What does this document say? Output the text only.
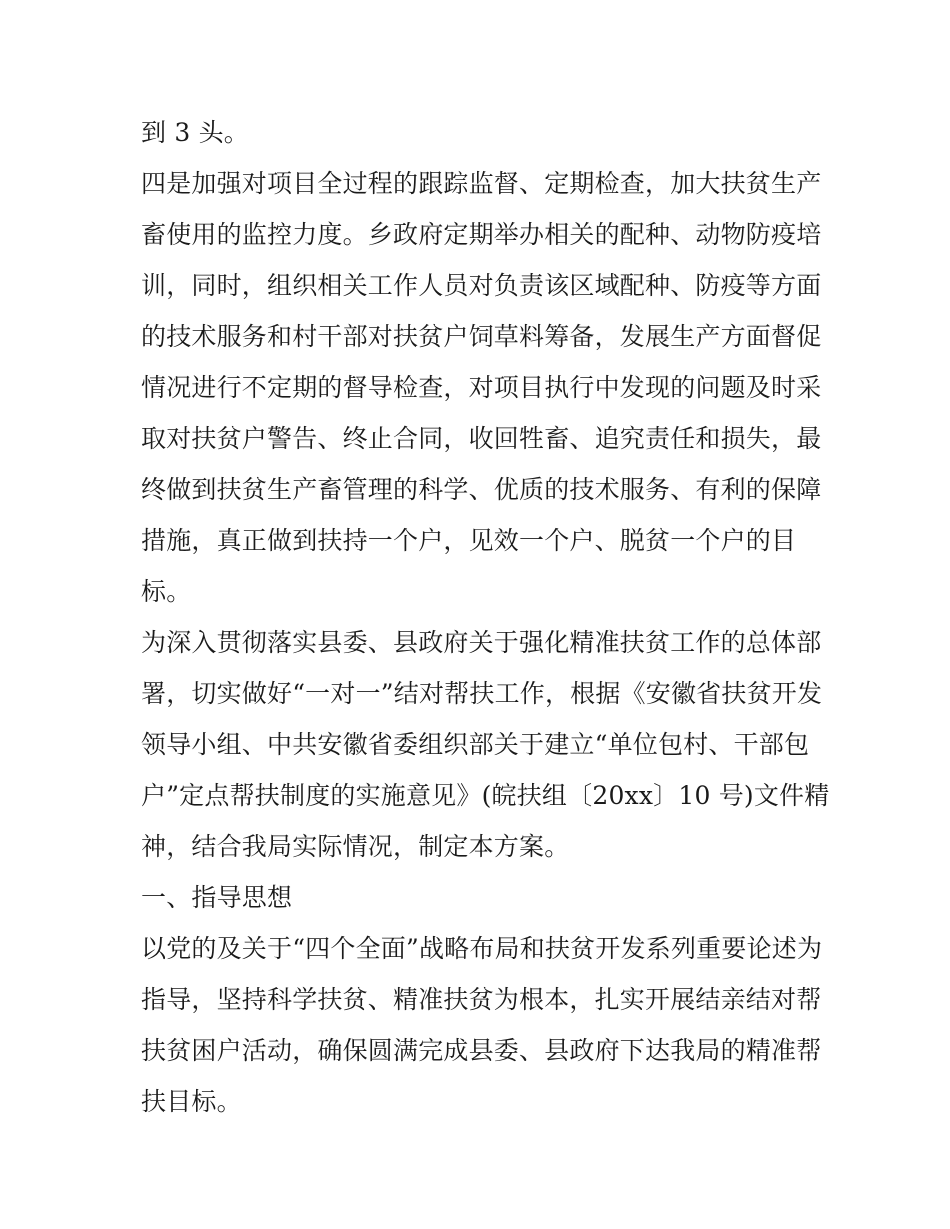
到 3 头。
四是加强对项目全过程的跟踪监督、定期检查，加大扶贫生产
畜使用的监控力度。乡政府定期举办相关的配种、动物防疫培
训，同时，组织相关工作人员对负责该区域配种、防疫等方面
的技术服务和村干部对扶贫户饲草料筹备，发展生产方面督促
情况进行不定期的督导检查，对项目执行中发现的问题及时采
取对扶贫户警告、终止合同，收回牲畜、追究责任和损失，最
终做到扶贫生产畜管理的科学、优质的技术服务、有利的保障
措施，真正做到扶持一个户，见效一个户、脱贫一个户的目
标。
为深入贯彻落实县委、县政府关于强化精准扶贫工作的总体部
署，切实做好“一对一”结对帮扶工作，根据《安徽省扶贫开发
领导小组、中共安徽省委组织部关于建立“单位包村、干部包
户”定点帮扶制度的实施意见》(皖扶组〔20xx〕10 号)文件精
神，结合我局实际情况，制定本方案。
一、指导思想
以党的及关于“四个全面”战略布局和扶贫开发系列重要论述为
指导，坚持科学扶贫、精准扶贫为根本，扎实开展结亲结对帮
扶贫困户活动，确保圆满完成县委、县政府下达我局的精准帮
扶目标。
